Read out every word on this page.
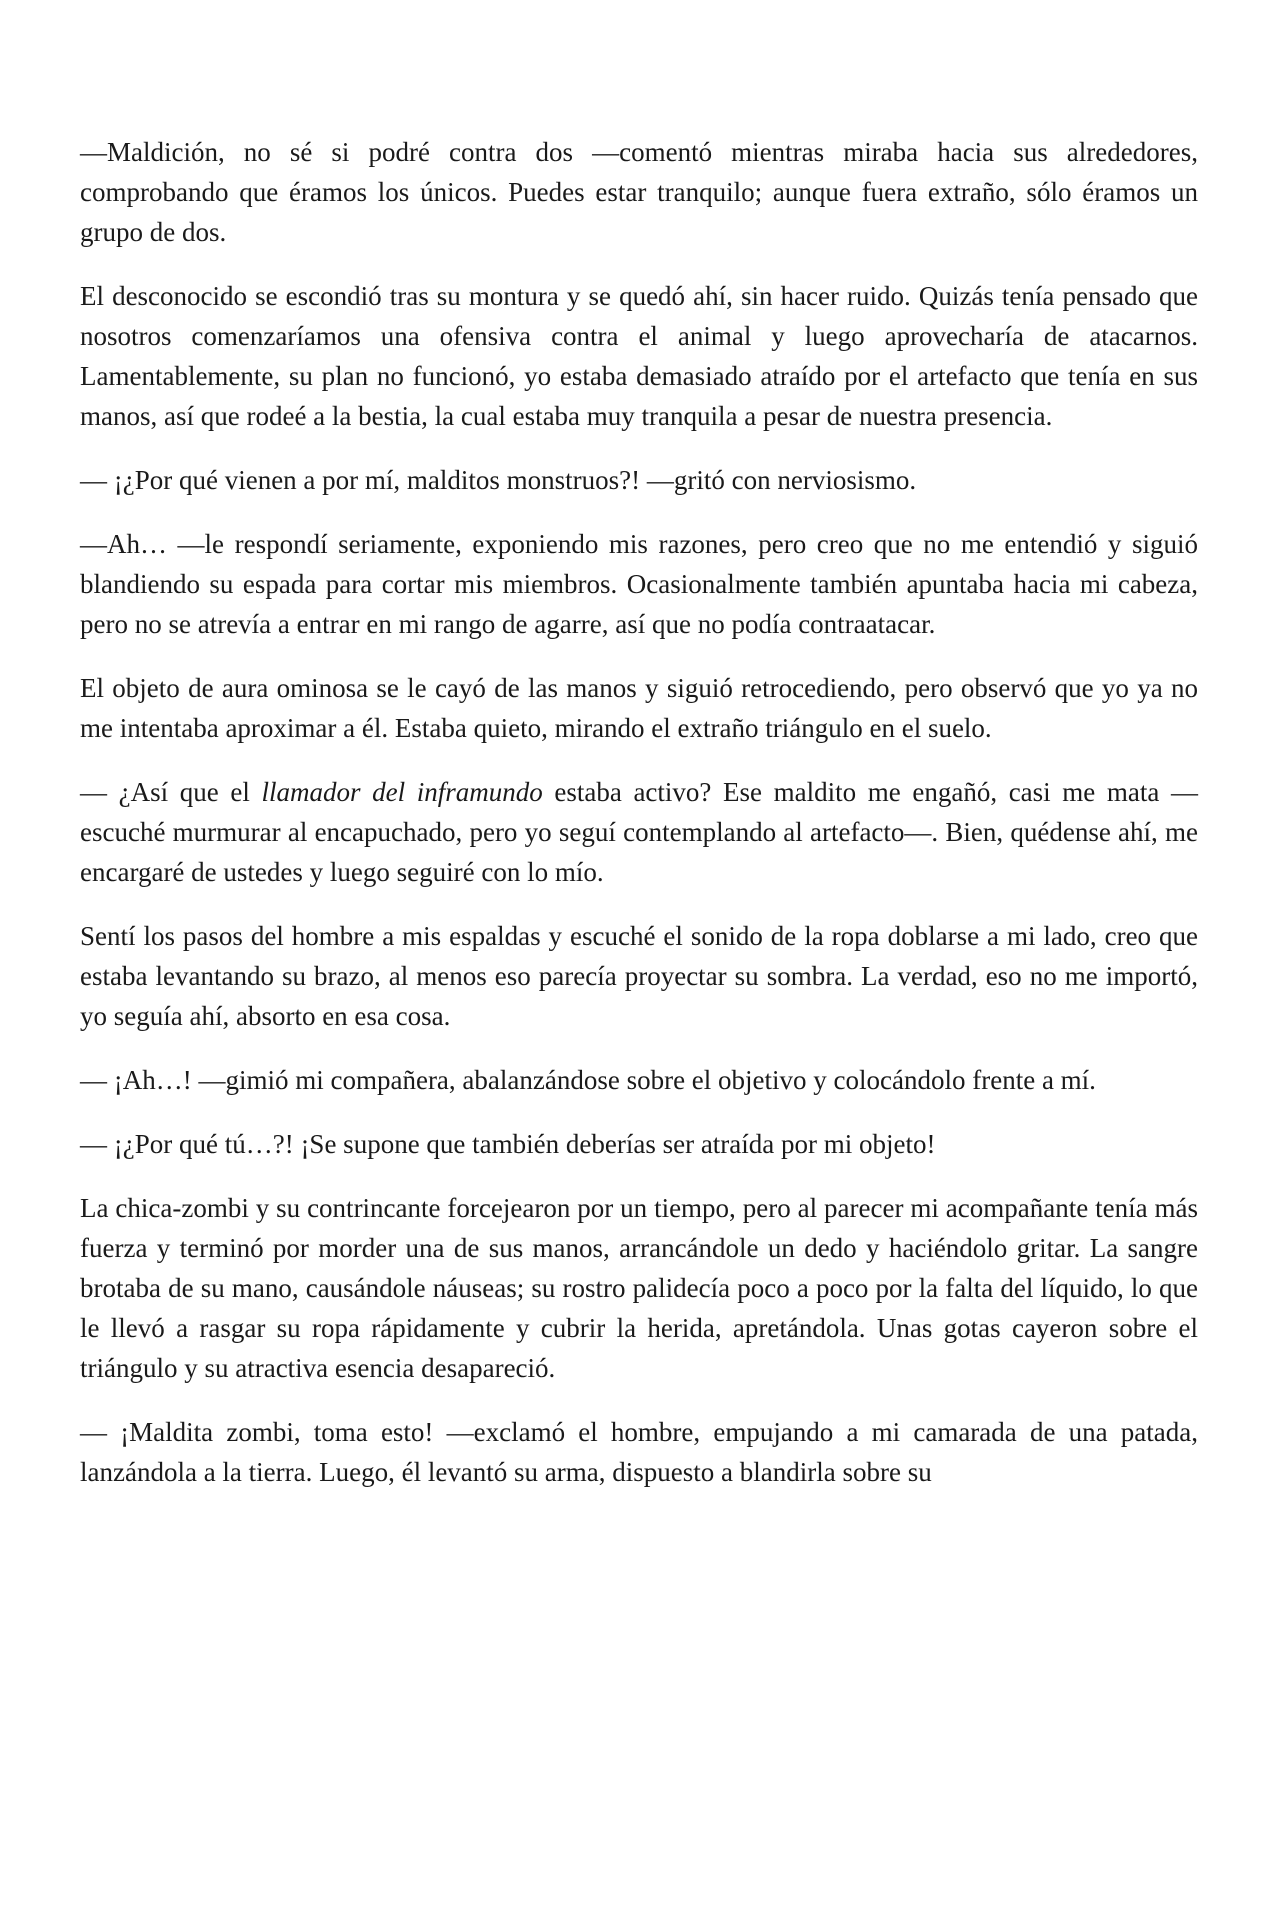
—Maldición, no sé si podré contra dos —comentó mientras miraba hacia sus alrededores, comprobando que éramos los únicos. Puedes estar tranquilo; aunque fuera extraño, sólo éramos un grupo de dos.

El desconocido se escondió tras su montura y se quedó ahí, sin hacer ruido. Quizás tenía pensado que nosotros comenzaríamos una ofensiva contra el animal y luego aprovecharía de atacarnos. Lamentablemente, su plan no funcionó, yo estaba demasiado atraído por el artefacto que tenía en sus manos, así que rodeé a la bestia, la cual estaba muy tranquila a pesar de nuestra presencia.

— ¡¿Por qué vienen a por mí, malditos monstruos?! —gritó con nerviosismo.

—Ah… —le respondí seriamente, exponiendo mis razones, pero creo que no me entendió y siguió blandiendo su espada para cortar mis miembros. Ocasionalmente también apuntaba hacia mi cabeza, pero no se atrevía a entrar en mi rango de agarre, así que no podía contraatacar.

El objeto de aura ominosa se le cayó de las manos y siguió retrocediendo, pero observó que yo ya no me intentaba aproximar a él. Estaba quieto, mirando el extraño triángulo en el suelo.

— ¿Así que el llamador del inframundo estaba activo? Ese maldito me engañó, casi me mata —escuché murmurar al encapuchado, pero yo seguí contemplando al artefacto—. Bien, quédense ahí, me encargaré de ustedes y luego seguiré con lo mío.

Sentí los pasos del hombre a mis espaldas y escuché el sonido de la ropa doblarse a mi lado, creo que estaba levantando su brazo, al menos eso parecía proyectar su sombra. La verdad, eso no me importó, yo seguía ahí, absorto en esa cosa.

— ¡Ah…! —gimió mi compañera, abalanzándose sobre el objetivo y colocándolo frente a mí.

— ¡¿Por qué tú…?! ¡Se supone que también deberías ser atraída por mi objeto!

La chica-zombi y su contrincante forcejearon por un tiempo, pero al parecer mi acompañante tenía más fuerza y terminó por morder una de sus manos, arrancándole un dedo y haciéndolo gritar. La sangre brotaba de su mano, causándole náuseas; su rostro palidecía poco a poco por la falta del líquido, lo que le llevó a rasgar su ropa rápidamente y cubrir la herida, apretándola. Unas gotas cayeron sobre el triángulo y su atractiva esencia desapareció.

— ¡Maldita zombi, toma esto! —exclamó el hombre, empujando a mi camarada de una patada, lanzándola a la tierra. Luego, él levantó su arma, dispuesto a blandirla sobre su
